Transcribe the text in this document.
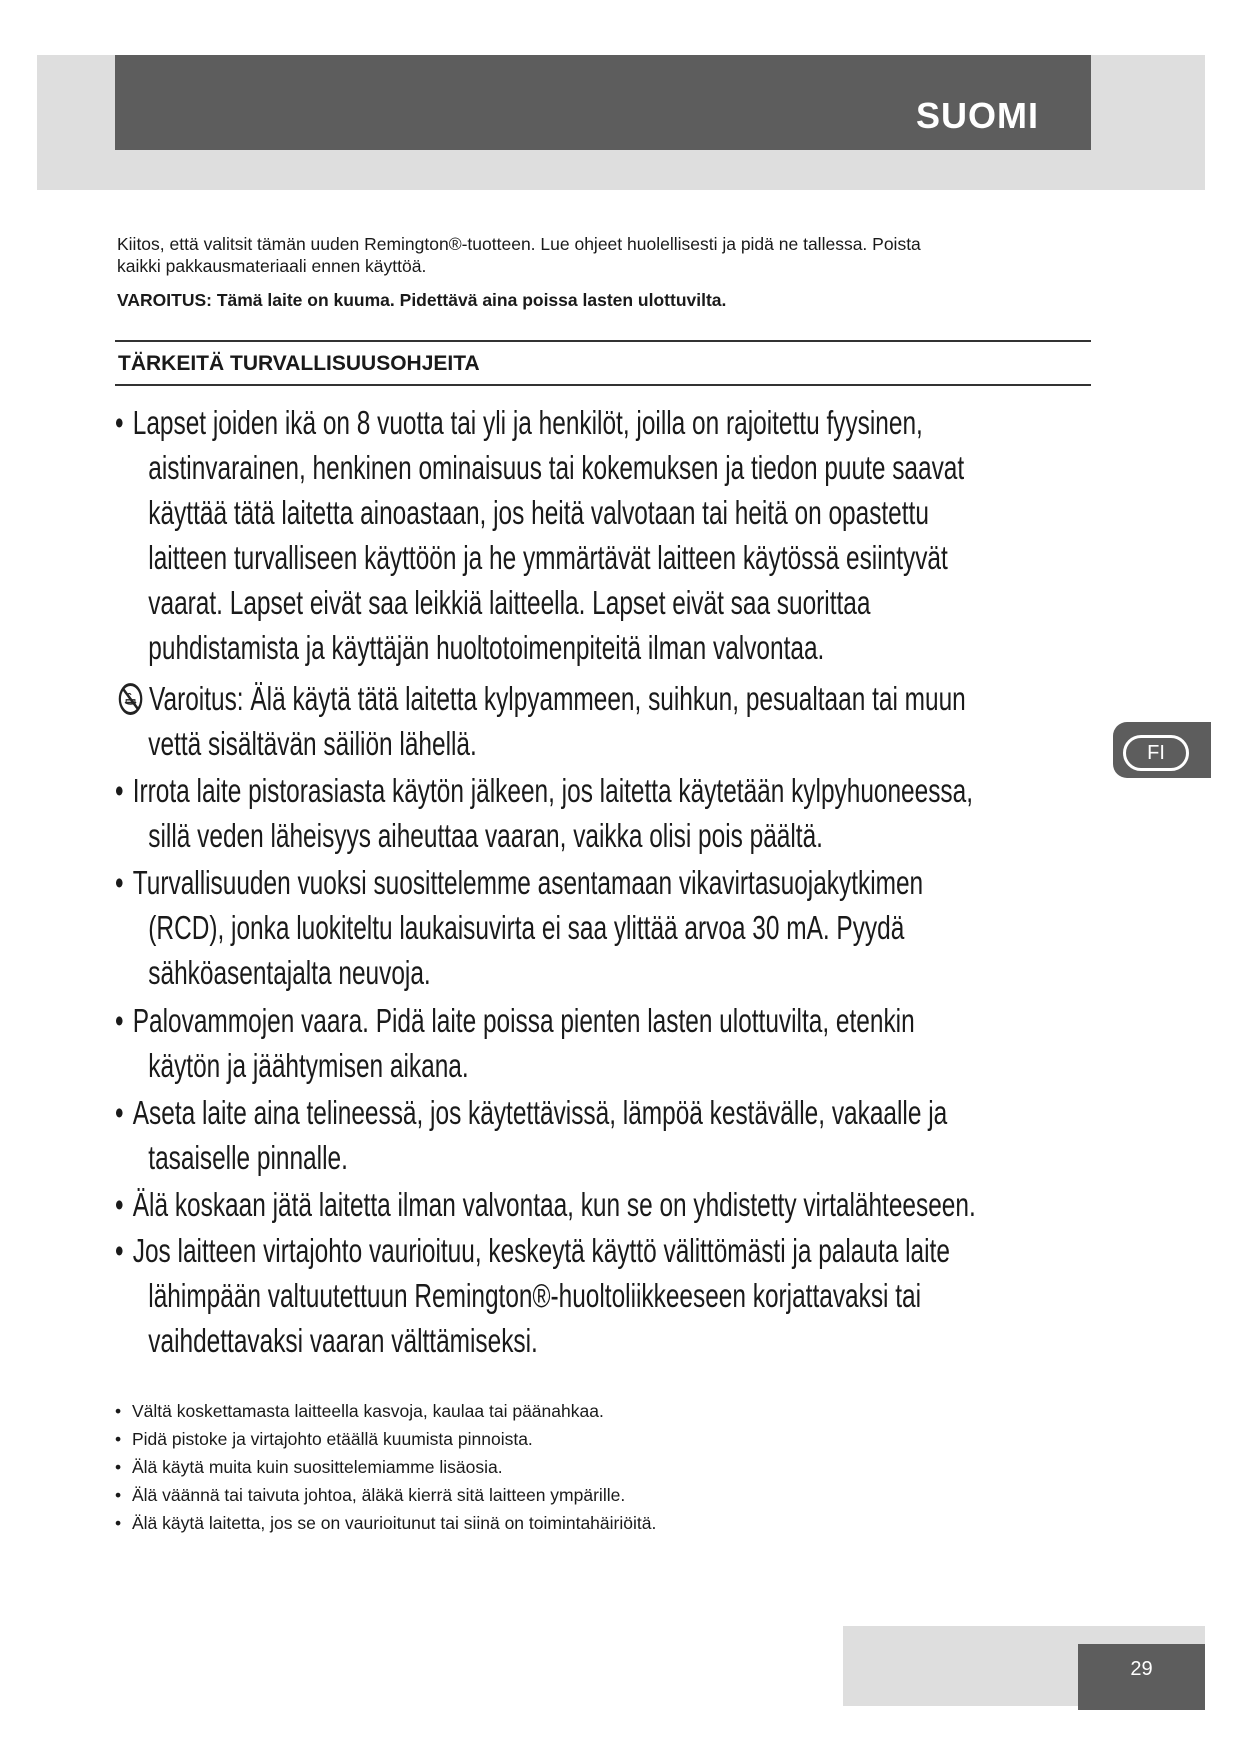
SUOMI
FI

Kiitos, että valitsit tämän uuden Remington®-tuotteen. Lue ohjeet huolellisesti ja pidä ne tallessa. Poista

kaikki pakkausmateriaali ennen käyttöä.

VAROITUS: Tämä laite on kuuma. Pidettävä aina poissa lasten ulottuvilta.
TÄRKEITÄ TURVALLISUUSOHJEITA
• Lapset joiden ikä on 8 vuotta tai yli ja henkilöt, joilla on rajoitettu fyysinen,
aistinvarainen, henkinen ominaisuus tai kokemuksen ja tiedon puute saavat
käyttää tätä laitetta ainoastaan, jos heitä valvotaan tai heitä on opastettu
laitteen turvalliseen käyttöön ja he ymmärtävät laitteen käytössä esiintyvät
vaarat. Lapset eivät saa leikkiä laitteella. Lapset eivät saa suorittaa
puhdistamista ja käyttäjän huoltotoimenpiteitä ilman valvontaa.
Varoitus: Älä käytä tätä laitetta kylpyammeen, suihkun, pesualtaan tai muun
vettä sisältävän säiliön lähellä.
• Irrota laite pistorasiasta käytön jälkeen, jos laitetta käytetään kylpyhuoneessa,
sillä veden läheisyys aiheuttaa vaaran, vaikka olisi pois päältä.
• Turvallisuuden vuoksi suosittelemme asentamaan vikavirtasuojakytkimen
(RCD), jonka luokiteltu laukaisuvirta ei saa ylittää arvoa 30 mA. Pyydä
sähköasentajalta neuvoja.
• Palovammojen vaara. Pidä laite poissa pienten lasten ulottuvilta, etenkin
käytön ja jäähtymisen aikana.
• Aseta laite aina telineessä, jos käytettävissä, lämpöä kestävälle, vakaalle ja
tasaiselle pinnalle.
• Älä koskaan jätä laitetta ilman valvontaa, kun se on yhdistetty virtalähteeseen.
• Jos laitteen virtajohto vaurioituu, keskeytä käyttö välittömästi ja palauta laite
lähimpään valtuutettuun Remington®-huoltoliikkeeseen korjattavaksi tai
vaihdettavaksi vaaran välttämiseksi.
• Vältä koskettamasta laitteella kasvoja, kaulaa tai päänahkaa.
• Pidä pistoke ja virtajohto etäällä kuumista pinnoista.
• Älä käytä muita kuin suosittelemiamme lisäosia.
• Älä väännä tai taivuta johtoa, äläkä kierrä sitä laitteen ympärille.
• Älä käytä laitetta, jos se on vaurioitunut tai siinä on toimintahäiriöitä.
29
